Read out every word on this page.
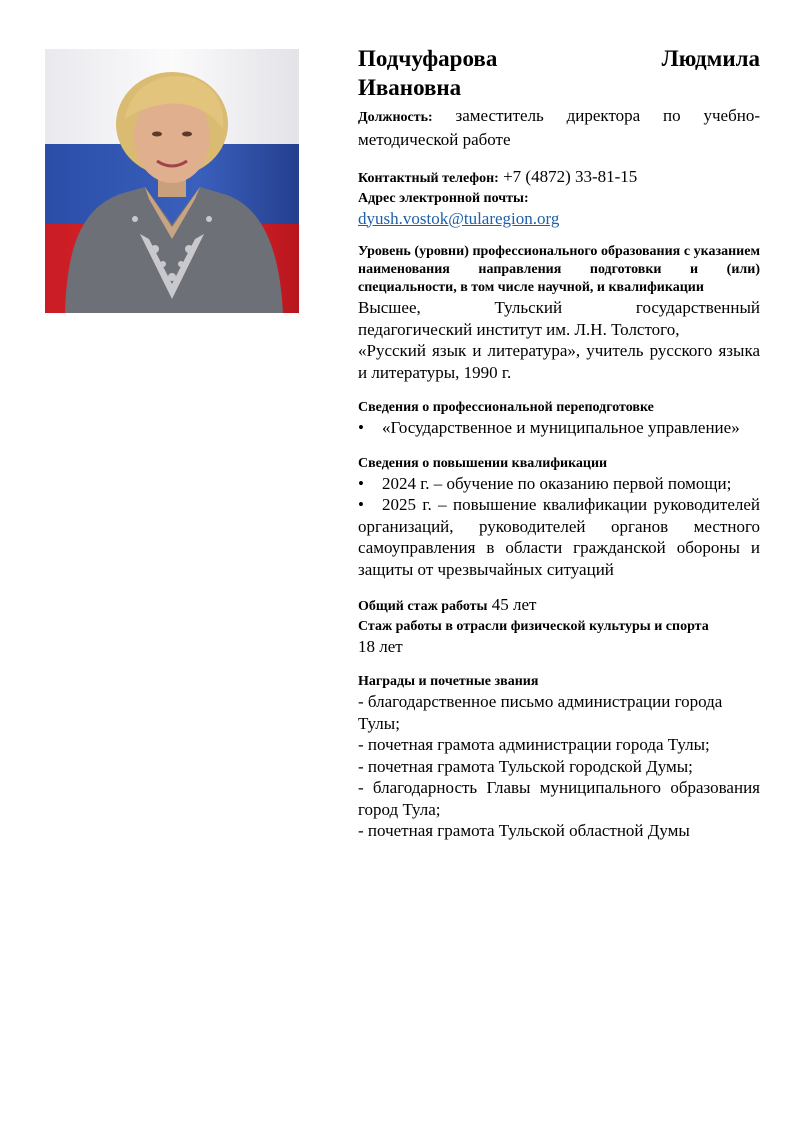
Подчуфарова	Людмила
Ивановна
Должность: заместитель директора по учебно-методической работе
Контактный телефон: +7 (4872) 33-81-15
Адрес электронной почты:
dyush.vostok@tularegion.org
Уровень (уровни) профессионального образования с указанием наименования направления подготовки и (или) специальности, в том числе научной, и квалификации
Высшее, Тульский государственный
педагогический институт им. Л.Н. Толстого,
«Русский язык и литература», учитель русского языка и литературы, 1990 г.
Сведения о профессиональной переподготовке
• «Государственное и муниципальное управление»
Сведения о повышении квалификации
• 2024 г. – обучение по оказанию первой помощи;
• 2025 г. – повышение квалификации руководителей организаций, руководителей органов местного самоуправления в области гражданской обороны и защиты от чрезвычайных ситуаций
Общий стаж работы 45 лет
Стаж работы в отрасли физической культуры и спорта
18 лет
Награды и почетные звания
- благодарственное письмо администрации города Тулы;
- почетная грамота администрации города Тулы;
- почетная грамота Тульской городской Думы;
- благодарность Главы муниципального образования город Тула;
- почетная грамота Тульской областной Думы
